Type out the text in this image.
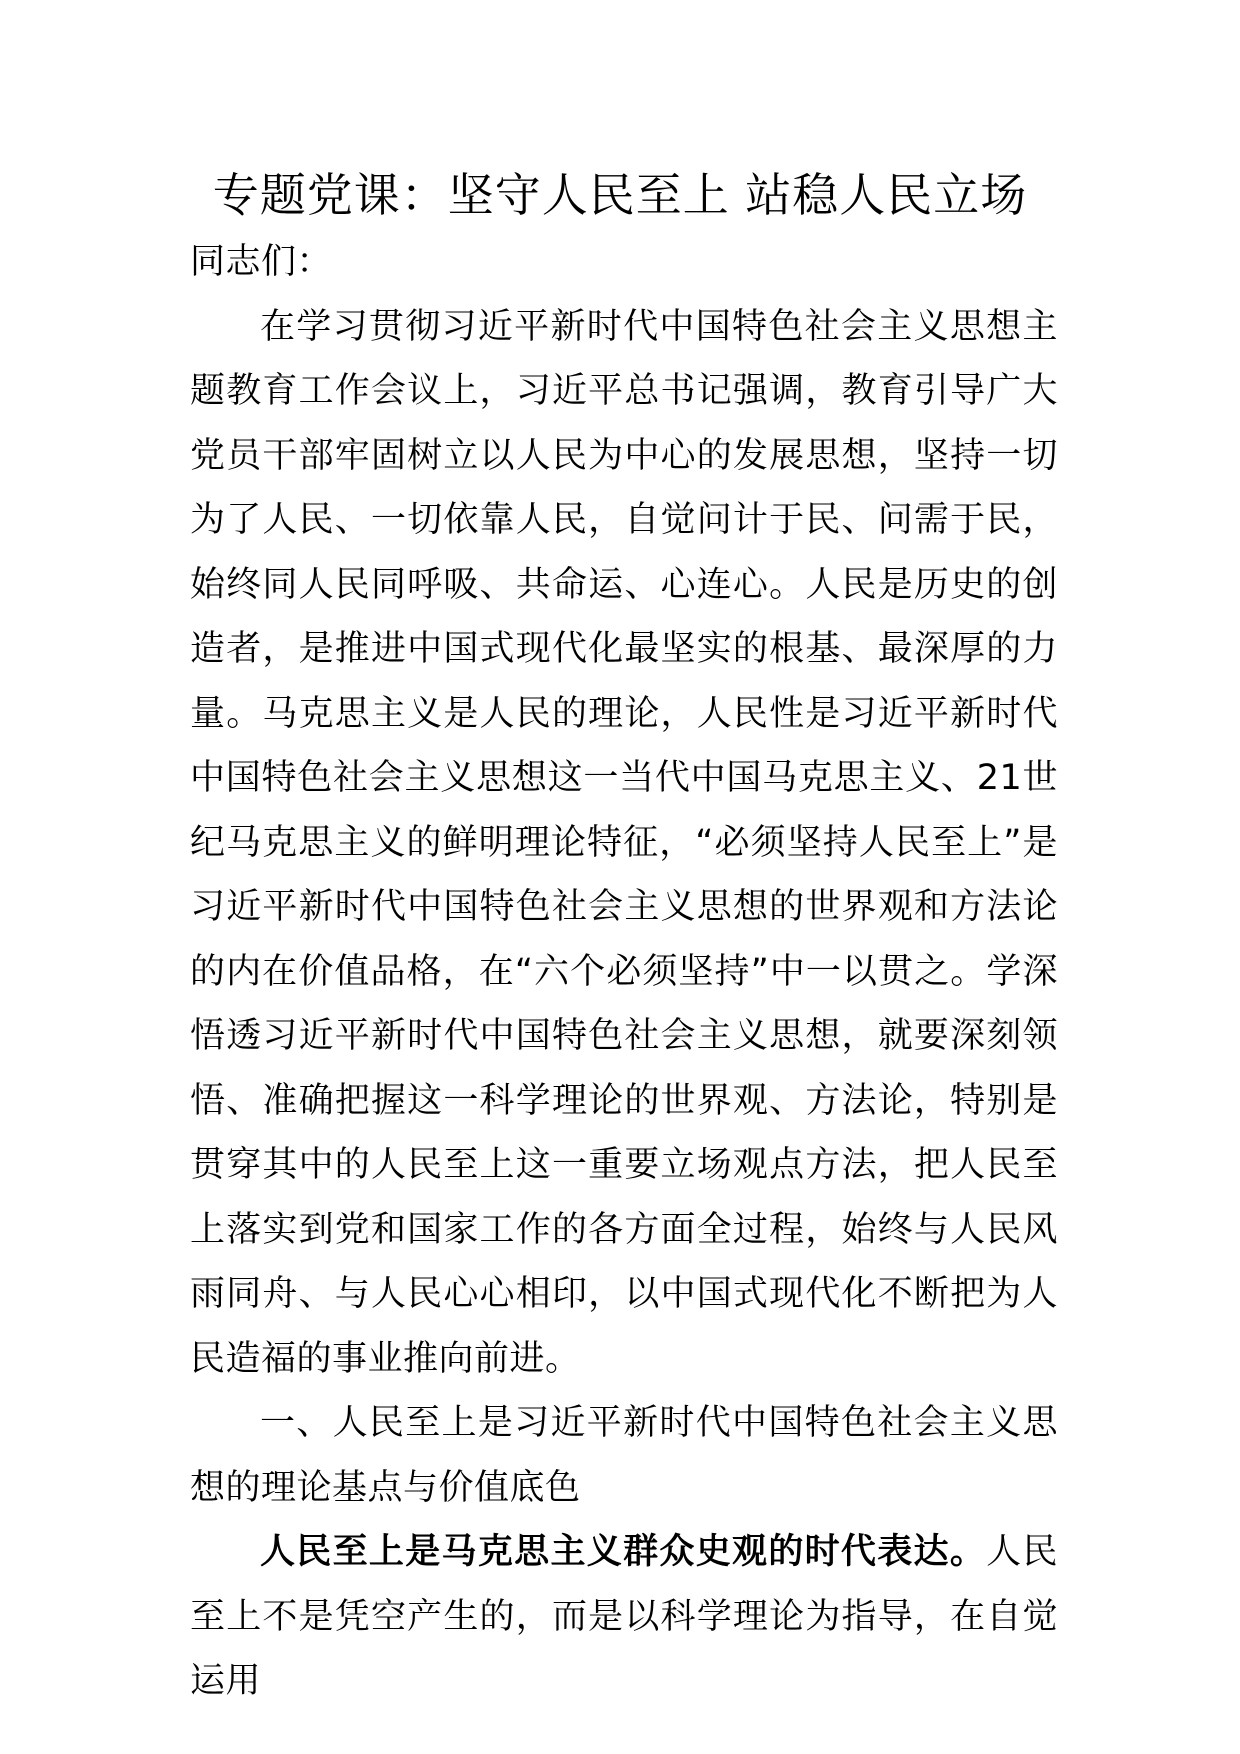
专题党课：坚守人民至上 站稳人民立场

同志们：

在学习贯彻习近平新时代中国特色社会主义思想主题教育工作会议上，习近平总书记强调，教育引导广大党员干部牢固树立以人民为中心的发展思想，坚持一切为了人民、一切依靠人民，自觉问计于民、问需于民，始终同人民同呼吸、共命运、心连心。人民是历史的创造者，是推进中国式现代化最坚实的根基、最深厚的力量。马克思主义是人民的理论，人民性是习近平新时代中国特色社会主义思想这一当代中国马克思主义、21世纪马克思主义的鲜明理论特征，“必须坚持人民至上”是习近平新时代中国特色社会主义思想的世界观和方法论的内在价值品格，在“六个必须坚持”中一以贯之。学深悟透习近平新时代中国特色社会主义思想，就要深刻领悟、准确把握这一科学理论的世界观、方法论，特别是贯穿其中的人民至上这一重要立场观点方法，把人民至上落实到党和国家工作的各方面全过程，始终与人民风雨同舟、与人民心心相印，以中国式现代化不断把为人民造福的事业推向前进。

一、人民至上是习近平新时代中国特色社会主义思想的理论基点与价值底色

人民至上是马克思主义群众史观的时代表达。人民至上不是凭空产生的，而是以科学理论为指导，在自觉运用
